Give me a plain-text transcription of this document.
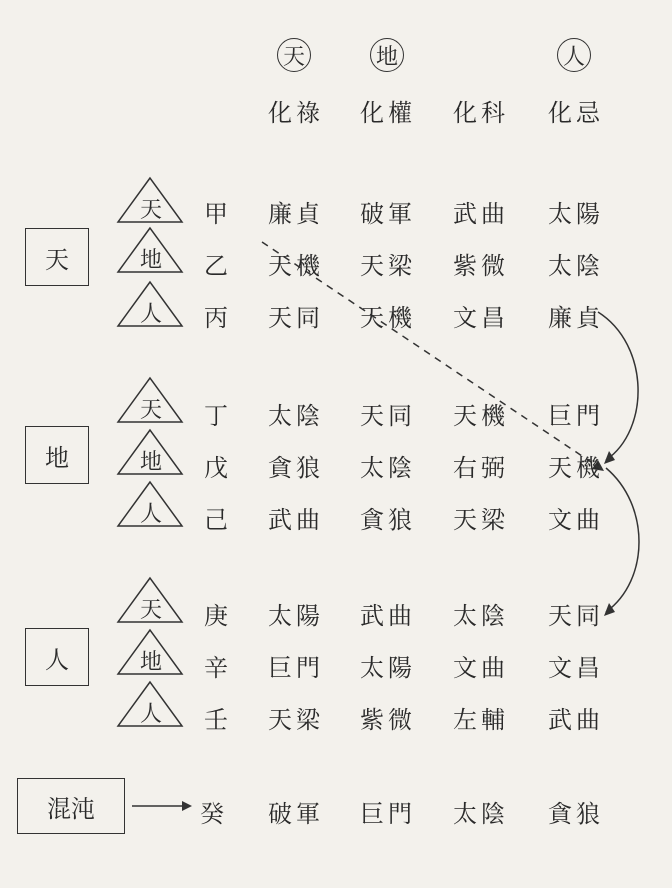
天	地	人
化祿 化權 化科 化忌
天
地
人
混沌
天
地
人
天
地
人
天
地
人
甲 廉貞 破軍 武曲 太陽
乙 天機 天梁 紫微 太陰
丙 天同 天機 文昌 廉貞
丁 太陰 天同 天機 巨門
戊 貪狼 太陰 右弼 天機
己 武曲 貪狼 天梁 文曲
庚 太陽 武曲 太陰 天同
辛 巨門 太陽 文曲 文昌
壬 天梁 紫微 左輔 武曲
癸 破軍 巨門 太陰 貪狼
